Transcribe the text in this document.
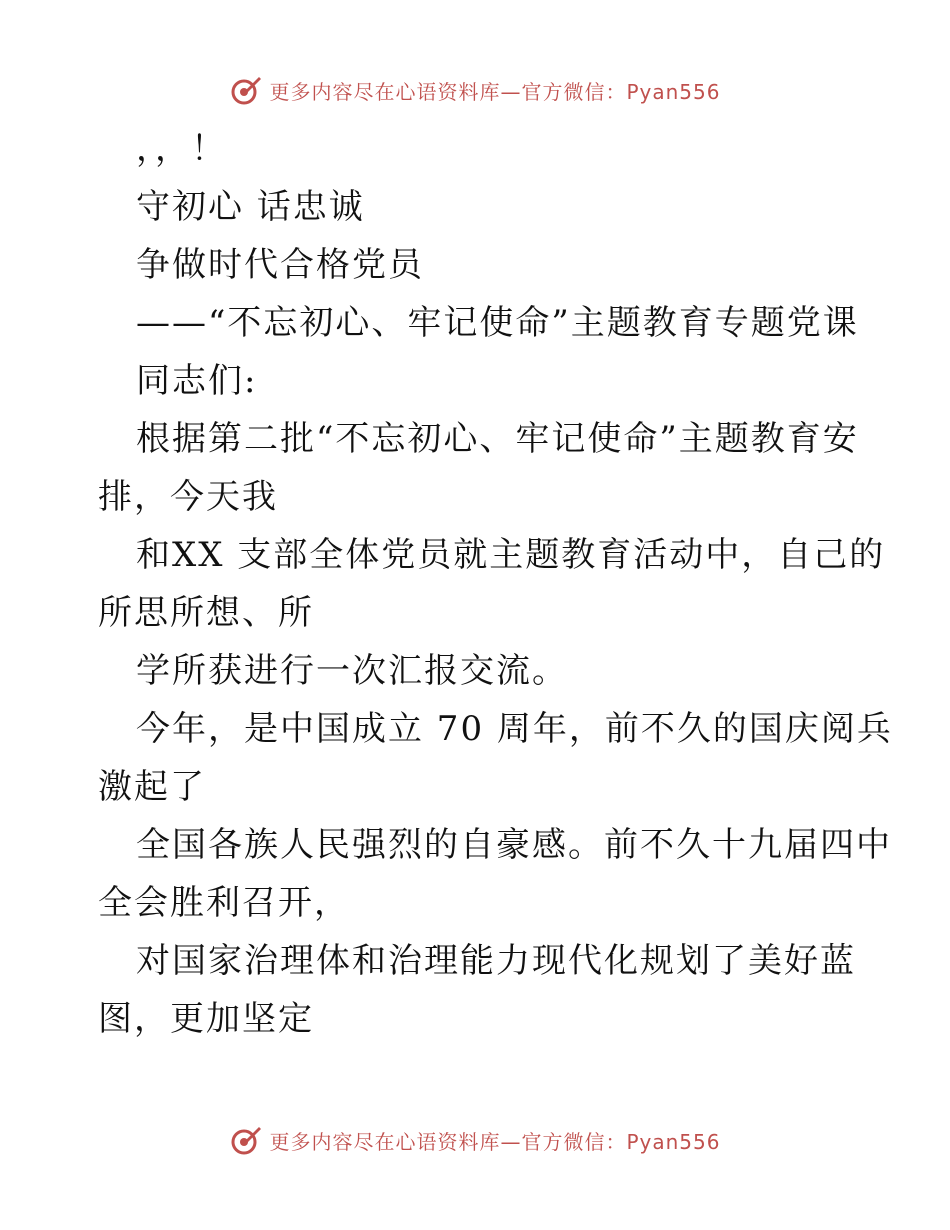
更多内容尽在心语资料库—官方微信：Pyan556
，，！
守初心 话忠诚
争做时代合格党员
——“不忘初心、牢记使命”主题教育专题党课
同志们:
根据第二批“不忘初心、牢记使命”主题教育安
排，今天我
和XX 支部全体党员就主题教育活动中，自己的
所思所想、所
学所获进行一次汇报交流。
今年，是中国成立 70 周年，前不久的国庆阅兵
激起了
全国各族人民强烈的自豪感。前不久十九届四中
全会胜利召开，
对国家治理体和治理能力现代化规划了美好蓝
图，更加坚定
更多内容尽在心语资料库—官方微信：Pyan556
